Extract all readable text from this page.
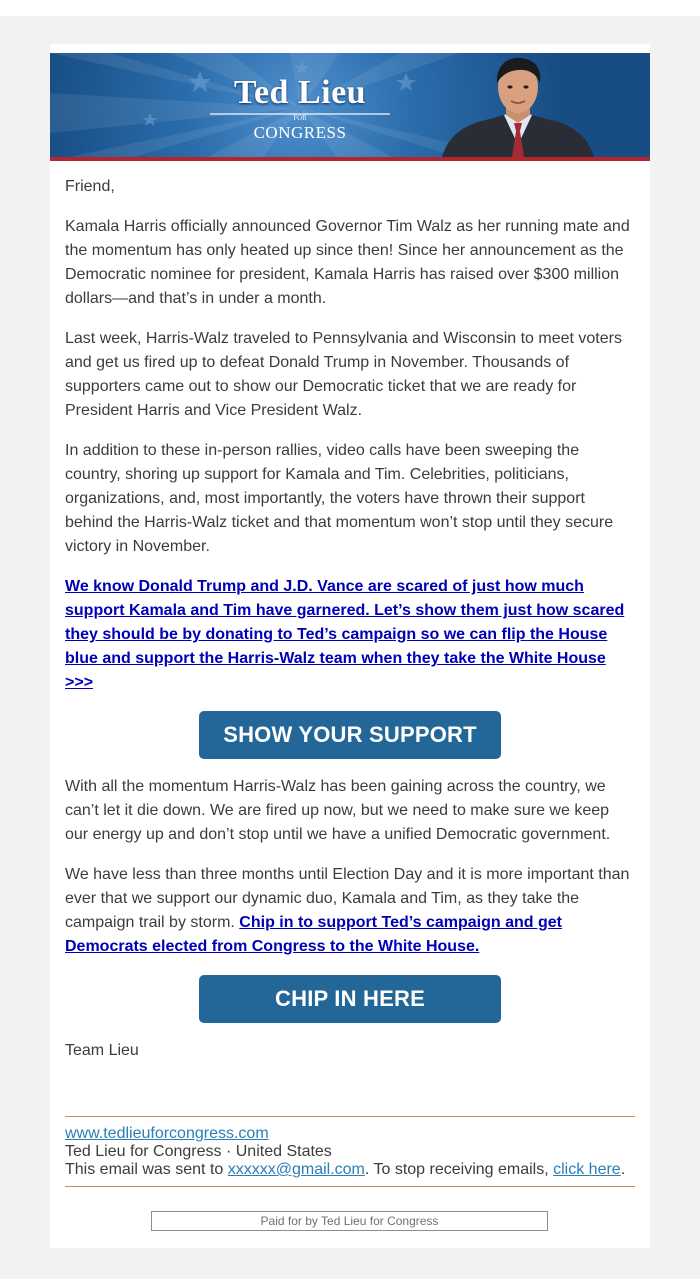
Ted Lieu
FOR
CONGRESS

Friend,

Kamala Harris officially announced Governor Tim Walz as her running mate and the momentum has only heated up since then! Since her announcement as the Democratic nominee for president, Kamala Harris has raised over $300 million dollars—and that’s in under a month.

Last week, Harris-Walz traveled to Pennsylvania and Wisconsin to meet voters and get us fired up to defeat Donald Trump in November. Thousands of supporters came out to show our Democratic ticket that we are ready for President Harris and Vice President Walz.

In addition to these in-person rallies, video calls have been sweeping the country, shoring up support for Kamala and Tim. Celebrities, politicians, organizations, and, most importantly, the voters have thrown their support behind the Harris-Walz ticket and that momentum won’t stop until they secure victory in November.

We know Donald Trump and J.D. Vance are scared of just how much support Kamala and Tim have garnered. Let’s show them just how scared they should be by donating to Ted’s campaign so we can flip the House blue and support the Harris-Walz team when they take the White House >>>

SHOW YOUR SUPPORT

With all the momentum Harris-Walz has been gaining across the country, we can’t let it die down. We are fired up now, but we need to make sure we keep our energy up and don’t stop until we have a unified Democratic government.

We have less than three months until Election Day and it is more important than ever that we support our dynamic duo, Kamala and Tim, as they take the campaign trail by storm. Chip in to support Ted’s campaign and get Democrats elected from Congress to the White House.

CHIP IN HERE

Team Lieu

www.tedlieuforcongress.com
Ted Lieu for Congress · United States
This email was sent to xxxxxx@gmail.com. To stop receiving emails, click here.
Paid for by Ted Lieu for Congress
